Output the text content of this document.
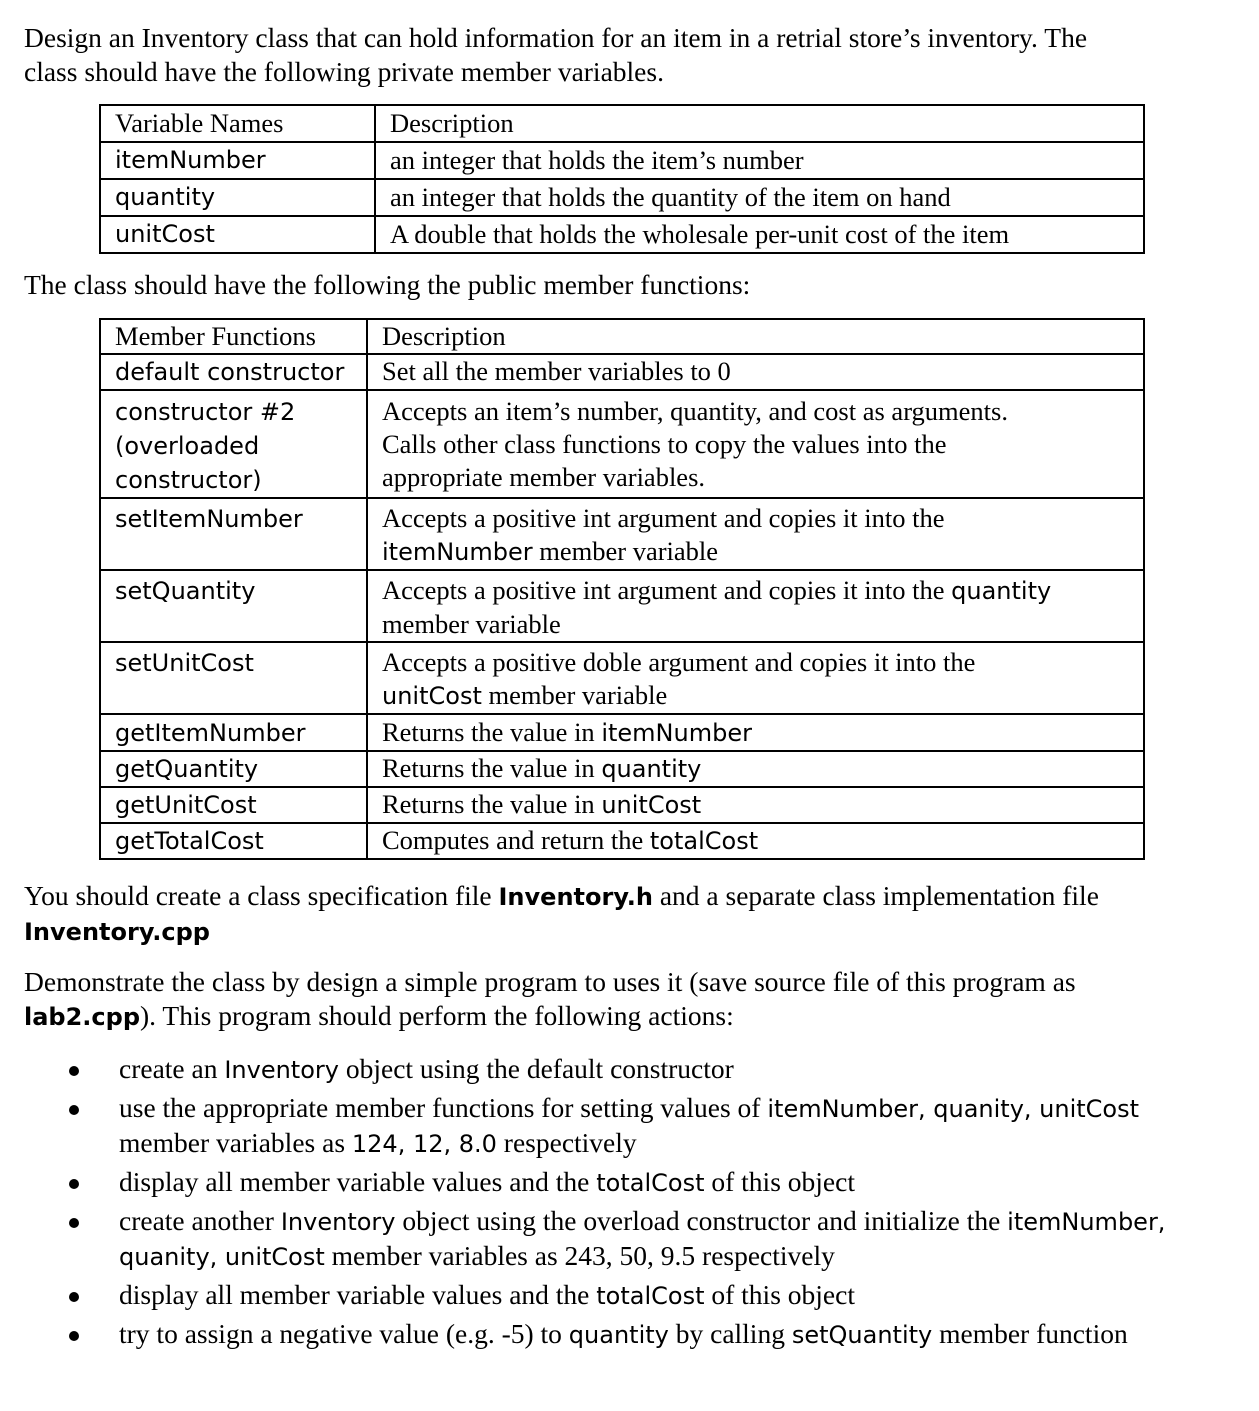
Design an Inventory class that can hold information for an item in a retrial store’s inventory. The
class should have the following private member variables.

Variable Names	Description
itemNumber	an integer that holds the item’s number
quantity	an integer that holds the quantity of the item on hand
unitCost	A double that holds the wholesale per-unit cost of the item

The class should have the following the public member functions:

Member Functions	Description
default constructor	Set all the member variables to 0
constructor #2
(overloaded
constructor)	Accepts an item’s number, quantity, and cost as arguments.
Calls other class functions to copy the values into the
appropriate member variables.
setItemNumber	Accepts a positive int argument and copies it into the
itemNumber member variable
setQuantity	Accepts a positive int argument and copies it into the quantity
member variable
setUnitCost	Accepts a positive doble argument and copies it into the
unitCost member variable
getItemNumber	Returns the value in itemNumber
getQuantity	Returns the value in quantity
getUnitCost	Returns the value in unitCost
getTotalCost	Computes and return the totalCost

You should create a class specification file Inventory.h and a separate class implementation file
Inventory.cpp

Demonstrate the class by design a simple program to uses it (save source file of this program as
lab2.cpp). This program should perform the following actions:

create an Inventory object using the default constructor
use the appropriate member functions for setting values of itemNumber, quanity, unitCost
member variables as 124, 12, 8.0 respectively
display all member variable values and the totalCost of this object
create another Inventory object using the overload constructor and initialize the itemNumber,
quanity, unitCost member variables as 243, 50, 9.5 respectively
display all member variable values and the totalCost of this object
try to assign a negative value (e.g. -5) to quantity by calling setQuantity member function
